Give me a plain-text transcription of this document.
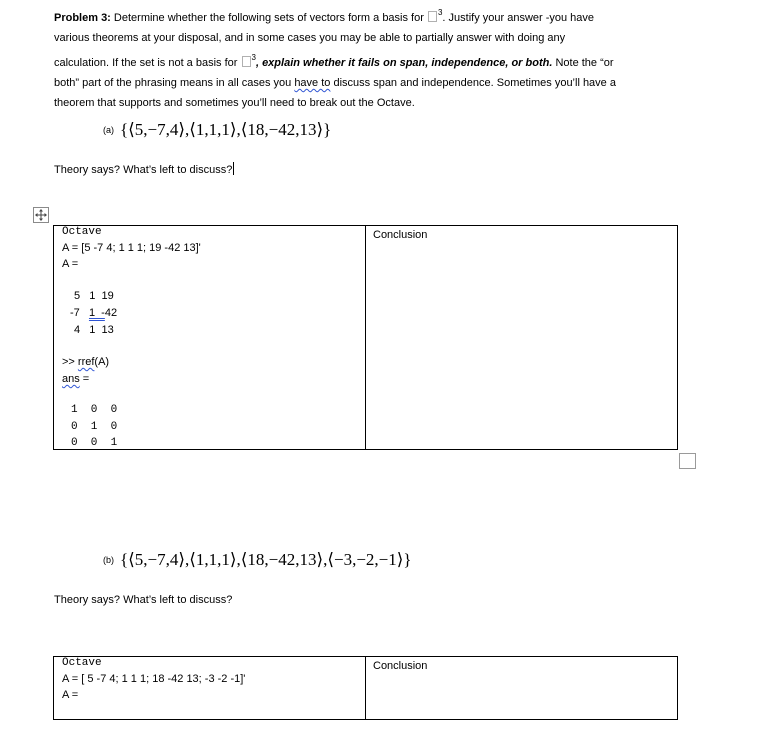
Problem 3: Determine whether the following sets of vectors form a basis for $^3$. Justify your answer -you have

various theorems at your disposal, and in some cases you may be able to partially answer with doing any

calculation. If the set is not a basis for $^3$, explain whether it fails on span, independence, or both. Note the “or

both” part of the phrasing means in all cases you have to discuss span and independence. Sometimes you’ll have a

theorem that supports and sometimes you’ll need to break out the Octave.

(a) {⟨5,−7,4⟩,⟨1,1,1⟩,⟨18,−42,13⟩}
Theory says? What’s left to discuss?
Octave
A = [5 -7 4; 1 1 1; 19 -42 13]'
A =
5   1  19
-7   1  -42
4   1  13
>> rref(A)
ans =
1  0  0
0  1  0
0  0  1

Conclusion
(b) {⟨5,−7,4⟩,⟨1,1,1⟩,⟨18,−42,13⟩,⟨−3,−2,−1⟩}
Theory says? What’s left to discuss?
Octave
A = [ 5 -7 4; 1 1 1; 18 -42 13; -3 -2 -1]'
A =

Conclusion
